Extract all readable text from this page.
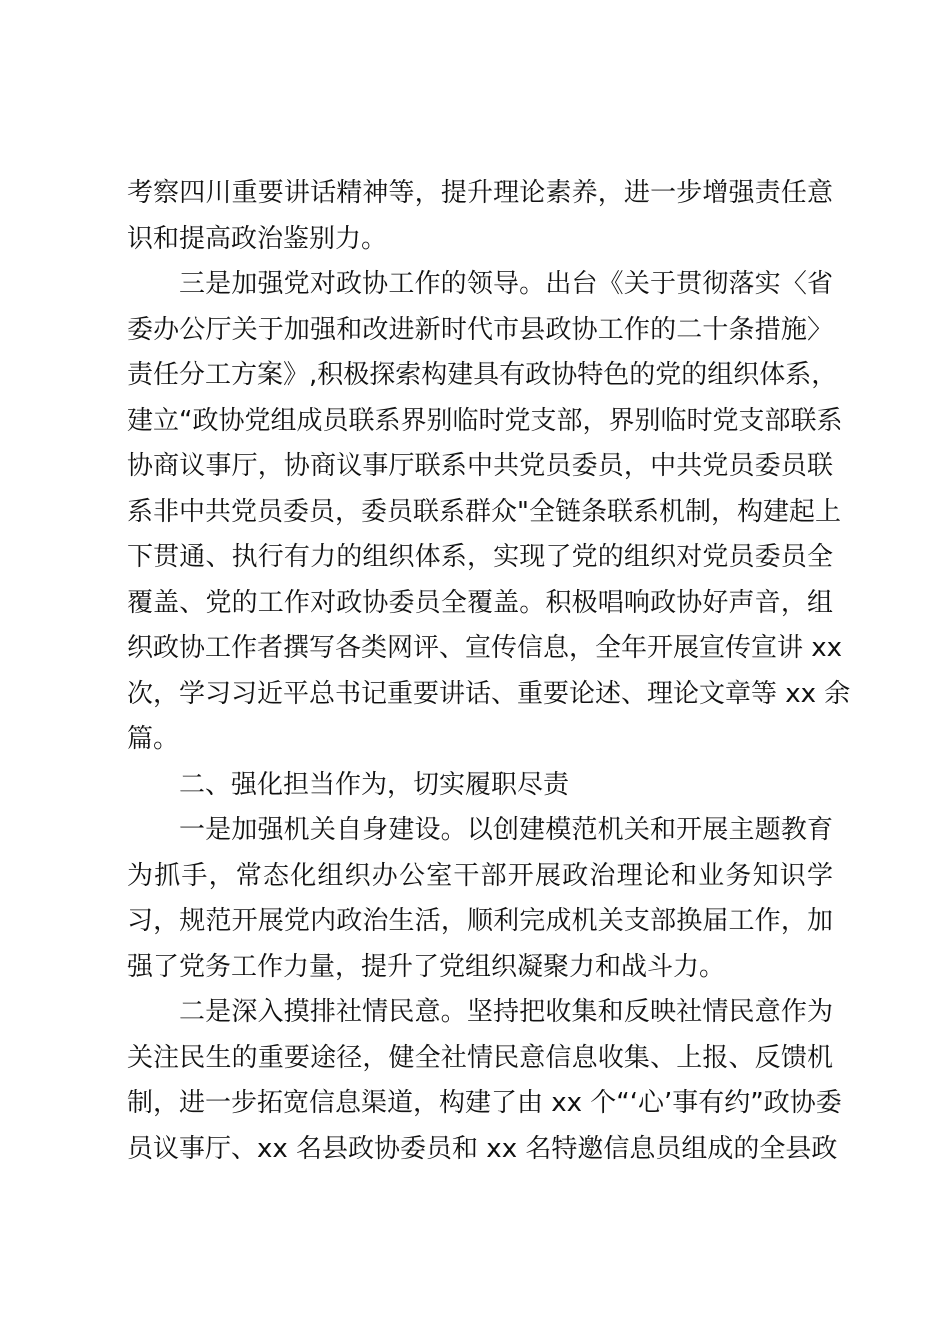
考察四川重要讲话精神等，提升理论素养，进一步增强责任意
识和提高政治鉴别力。
三是加强党对政协工作的领导。出台《关于贯彻落实〈省
委办公厅关于加强和改进新时代市县政协工作的二十条措施〉
责任分工方案》,积极探索构建具有政协特色的党的组织体系，
建立“政协党组成员联系界别临时党支部，界别临时党支部联系
协商议事厅，协商议事厅联系中共党员委员，中共党员委员联
系非中共党员委员，委员联系群众"全链条联系机制，构建起上
下贯通、执行有力的组织体系，实现了党的组织对党员委员全
覆盖、党的工作对政协委员全覆盖。积极唱响政协好声音，组
织政协工作者撰写各类网评、宣传信息，全年开展宣传宣讲 xx
次，学习习近平总书记重要讲话、重要论述、理论文章等 xx 余
篇。
二、强化担当作为，切实履职尽责
一是加强机关自身建设。以创建模范机关和开展主题教育
为抓手，常态化组织办公室干部开展政治理论和业务知识学
习，规范开展党内政治生活，顺利完成机关支部换届工作，加
强了党务工作力量，提升了党组织凝聚力和战斗力。
二是深入摸排社情民意。坚持把收集和反映社情民意作为
关注民生的重要途径，健全社情民意信息收集、上报、反馈机
制，进一步拓宽信息渠道，构建了由 xx 个“‘心’事有约”政协委
员议事厅、xx 名县政协委员和 xx 名特邀信息员组成的全县政
